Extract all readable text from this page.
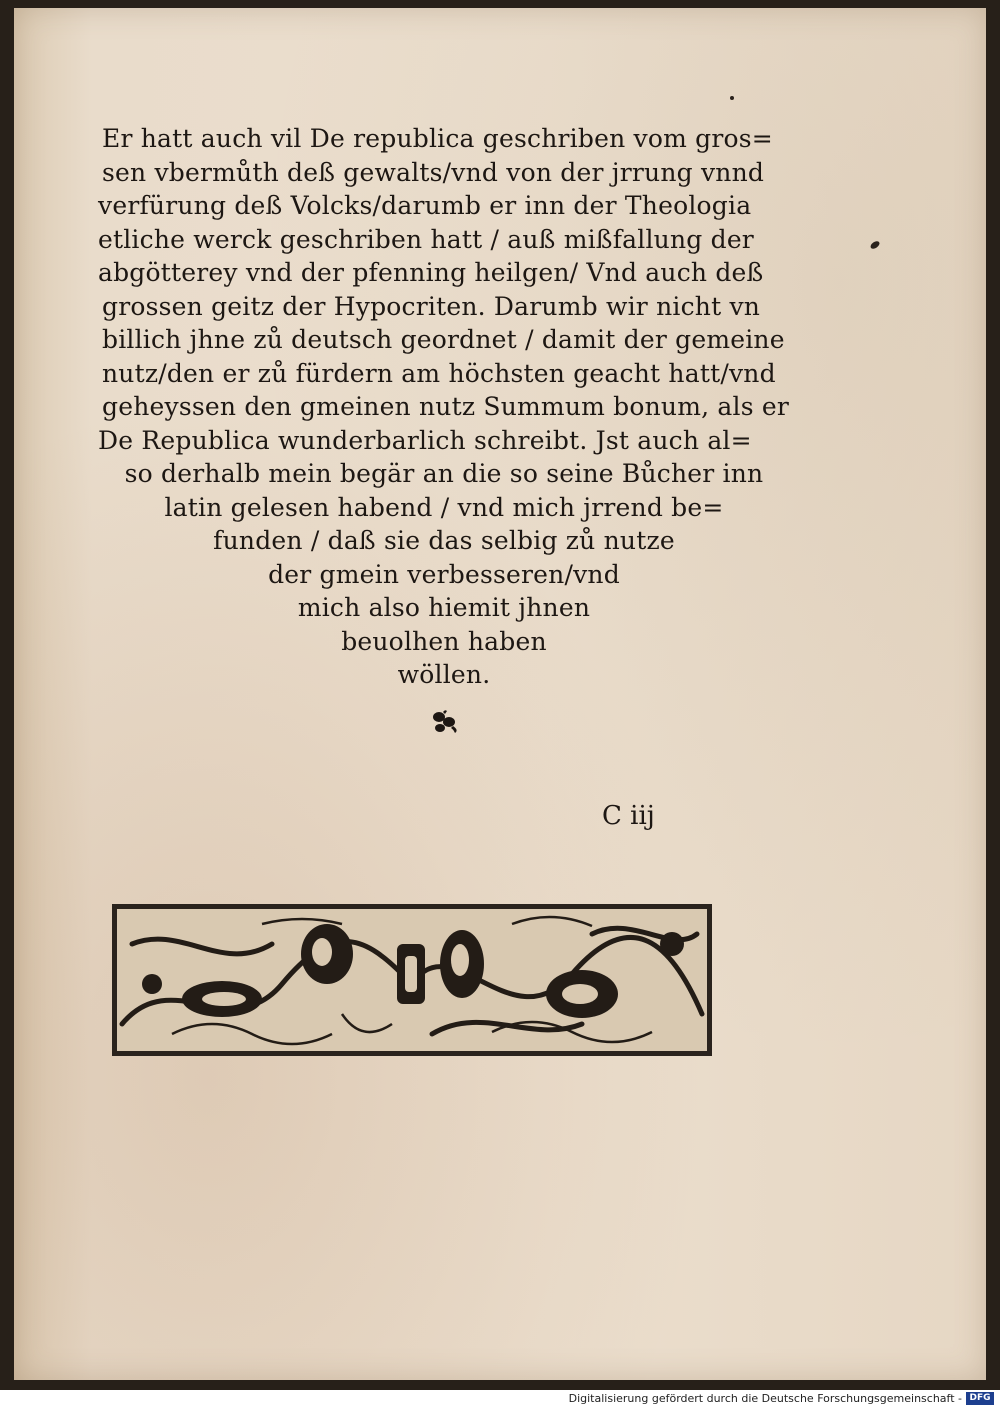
Er hatt auch vil De republica geschriben vom gros=
sen vbermůth deß gewalts/vnd von der jrrung vnnd
verfürung deß Volcks/darumb er inn der Theologia
etliche werck geschriben hatt / auß mißfallung der
abgötterey vnd der pfenning heilgen/ Vnd auch deß
grossen geitz der Hypocriten. Darumb wir nicht vn
billich jhne zů deutsch geordnet / damit der gemeine
nutz/den er zů fürdern am höchsten geacht hatt/vnd
geheyssen den gmeinen nutz Summum bonum, als er
De Republica wunderbarlich schreibt. Jst auch al=
so derhalb mein begär an die so seine Bůcher inn
latin gelesen habend / vnd mich jrrend be=
funden / daß sie das selbig zů nutze
der gmein verbesseren/vnd
mich also hiemit jhnen
beuolhen haben
wöllen.
C iij
Digitalisierung gefördert durch die Deutsche Forschungsgemeinschaft - DFG
